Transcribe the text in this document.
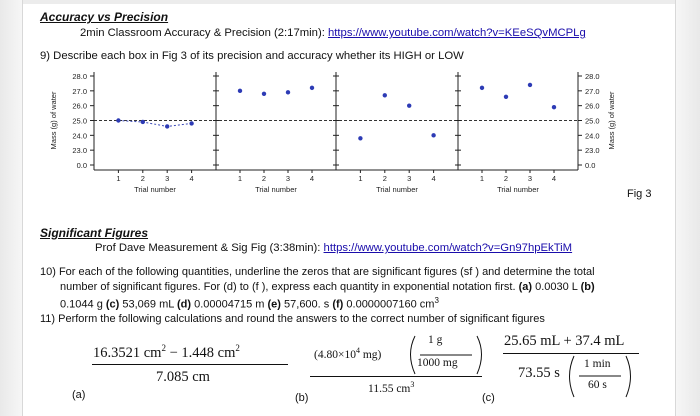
Accuracy vs Precision
2min Classroom Accuracy & Precision (2:17min): https://www.youtube.com/watch?v=KEeSQvMCPLg
9) Describe each box in Fig 3 of its precision and accuracy whether its HIGH or LOW
28.0	28.0
27.0	27.0
26.0	26.0
25.0	25.0
24.0	24.0
23.0	23.0
0.0	0.0
Mass (g) of water	Mass (g) of water
1	2	3	4
Trial number
1	2	3	4
Trial number
1	2	3	4
Trial number
1	2	3	4
Trial number	Fig 3
Significant Figures
Prof Dave Measurement & Sig Fig (3:38min): https://www.youtube.com/watch?v=Gn97hpEkTiM
10) For each of the following quantities, underline the zeros that are significant figures (sf ) and determine the total
number of significant figures. For (d) to (f ), express each quantity in exponential notation first. (a) 0.0030 L (b)
0.1044 g (c) 53,069 mL (d) 0.00004715 m (e) 57,600. s (f) 0.0000007160 $cm^3$
11) Perform the following calculations and round the answers to the correct number of significant figures
16.3521 $cm^2 - 1.448$ $cm^2$
7.085 cm
(a)
($4.80\times 10^4$ mg)
1 g
1000 mg
11.55 $cm^3$
(b)
25.65 mL + 37.4 mL
73.55 s
1 min
60 s
(c)
